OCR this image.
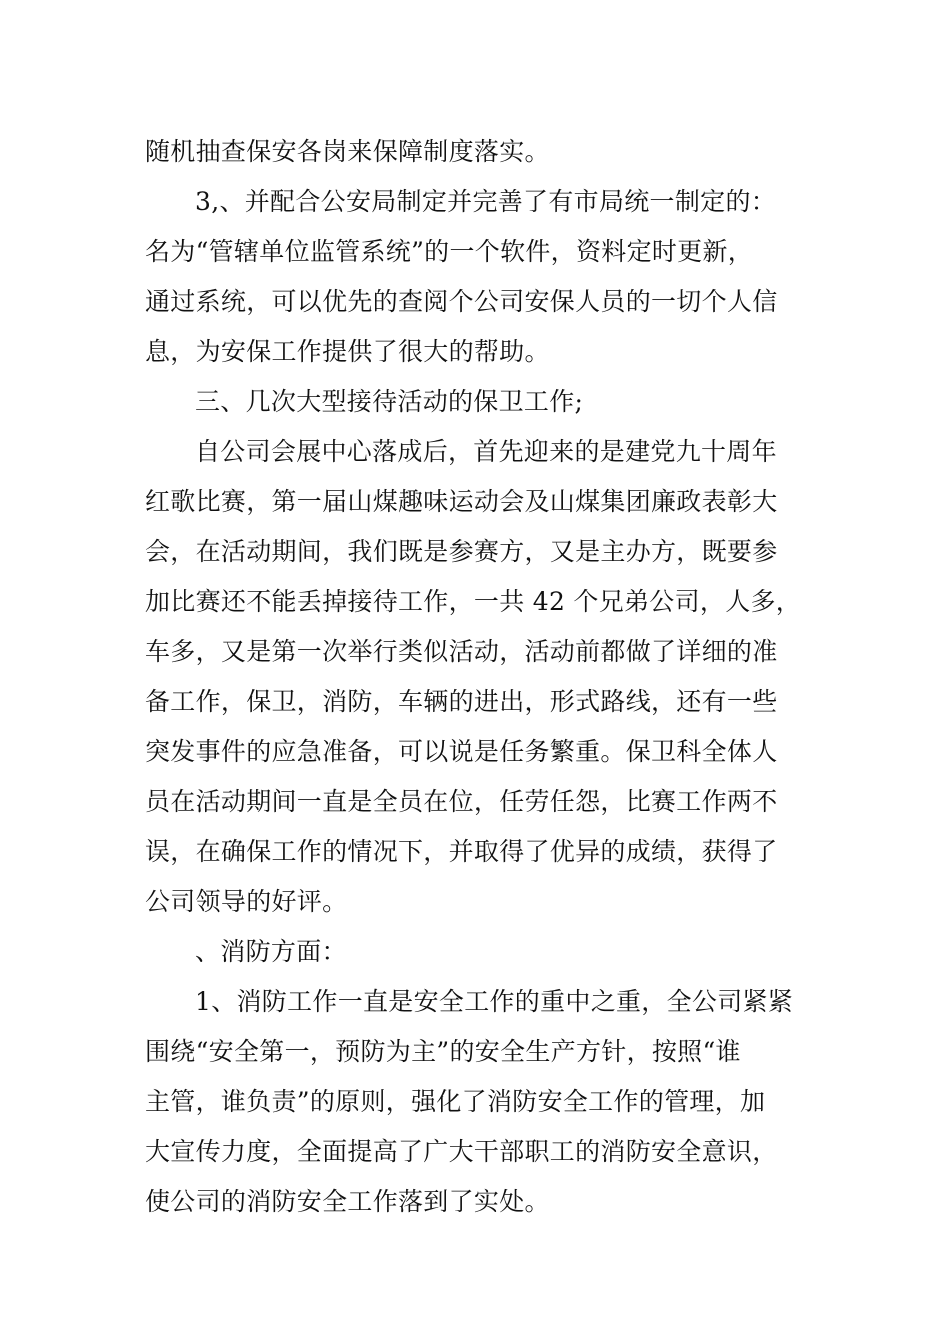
随机抽查保安各岗来保障制度落实。
3,、并配合公安局制定并完善了有市局统一制定的：
名为“管辖单位监管系统”的一个软件，资料定时更新，
通过系统，可以优先的查阅个公司安保人员的一切个人信
息，为安保工作提供了很大的帮助。
三、几次大型接待活动的保卫工作;
自公司会展中心落成后，首先迎来的是建党九十周年
红歌比赛，第一届山煤趣味运动会及山煤集团廉政表彰大
会，在活动期间，我们既是参赛方，又是主办方，既要参
加比赛还不能丢掉接待工作，一共 42 个兄弟公司，人多，
车多，又是第一次举行类似活动，活动前都做了详细的准
备工作，保卫，消防，车辆的进出，形式路线，还有一些
突发事件的应急准备，可以说是任务繁重。保卫科全体人
员在活动期间一直是全员在位，任劳任怨，比赛工作两不
误，在确保工作的情况下，并取得了优异的成绩，获得了
公司领导的好评。
、消防方面：
1、消防工作一直是安全工作的重中之重，全公司紧紧
围绕“安全第一，预防为主”的安全生产方针，按照“谁
主管，谁负责”的原则，强化了消防安全工作的管理，加
大宣传力度，全面提高了广大干部职工的消防安全意识，
使公司的消防安全工作落到了实处。
